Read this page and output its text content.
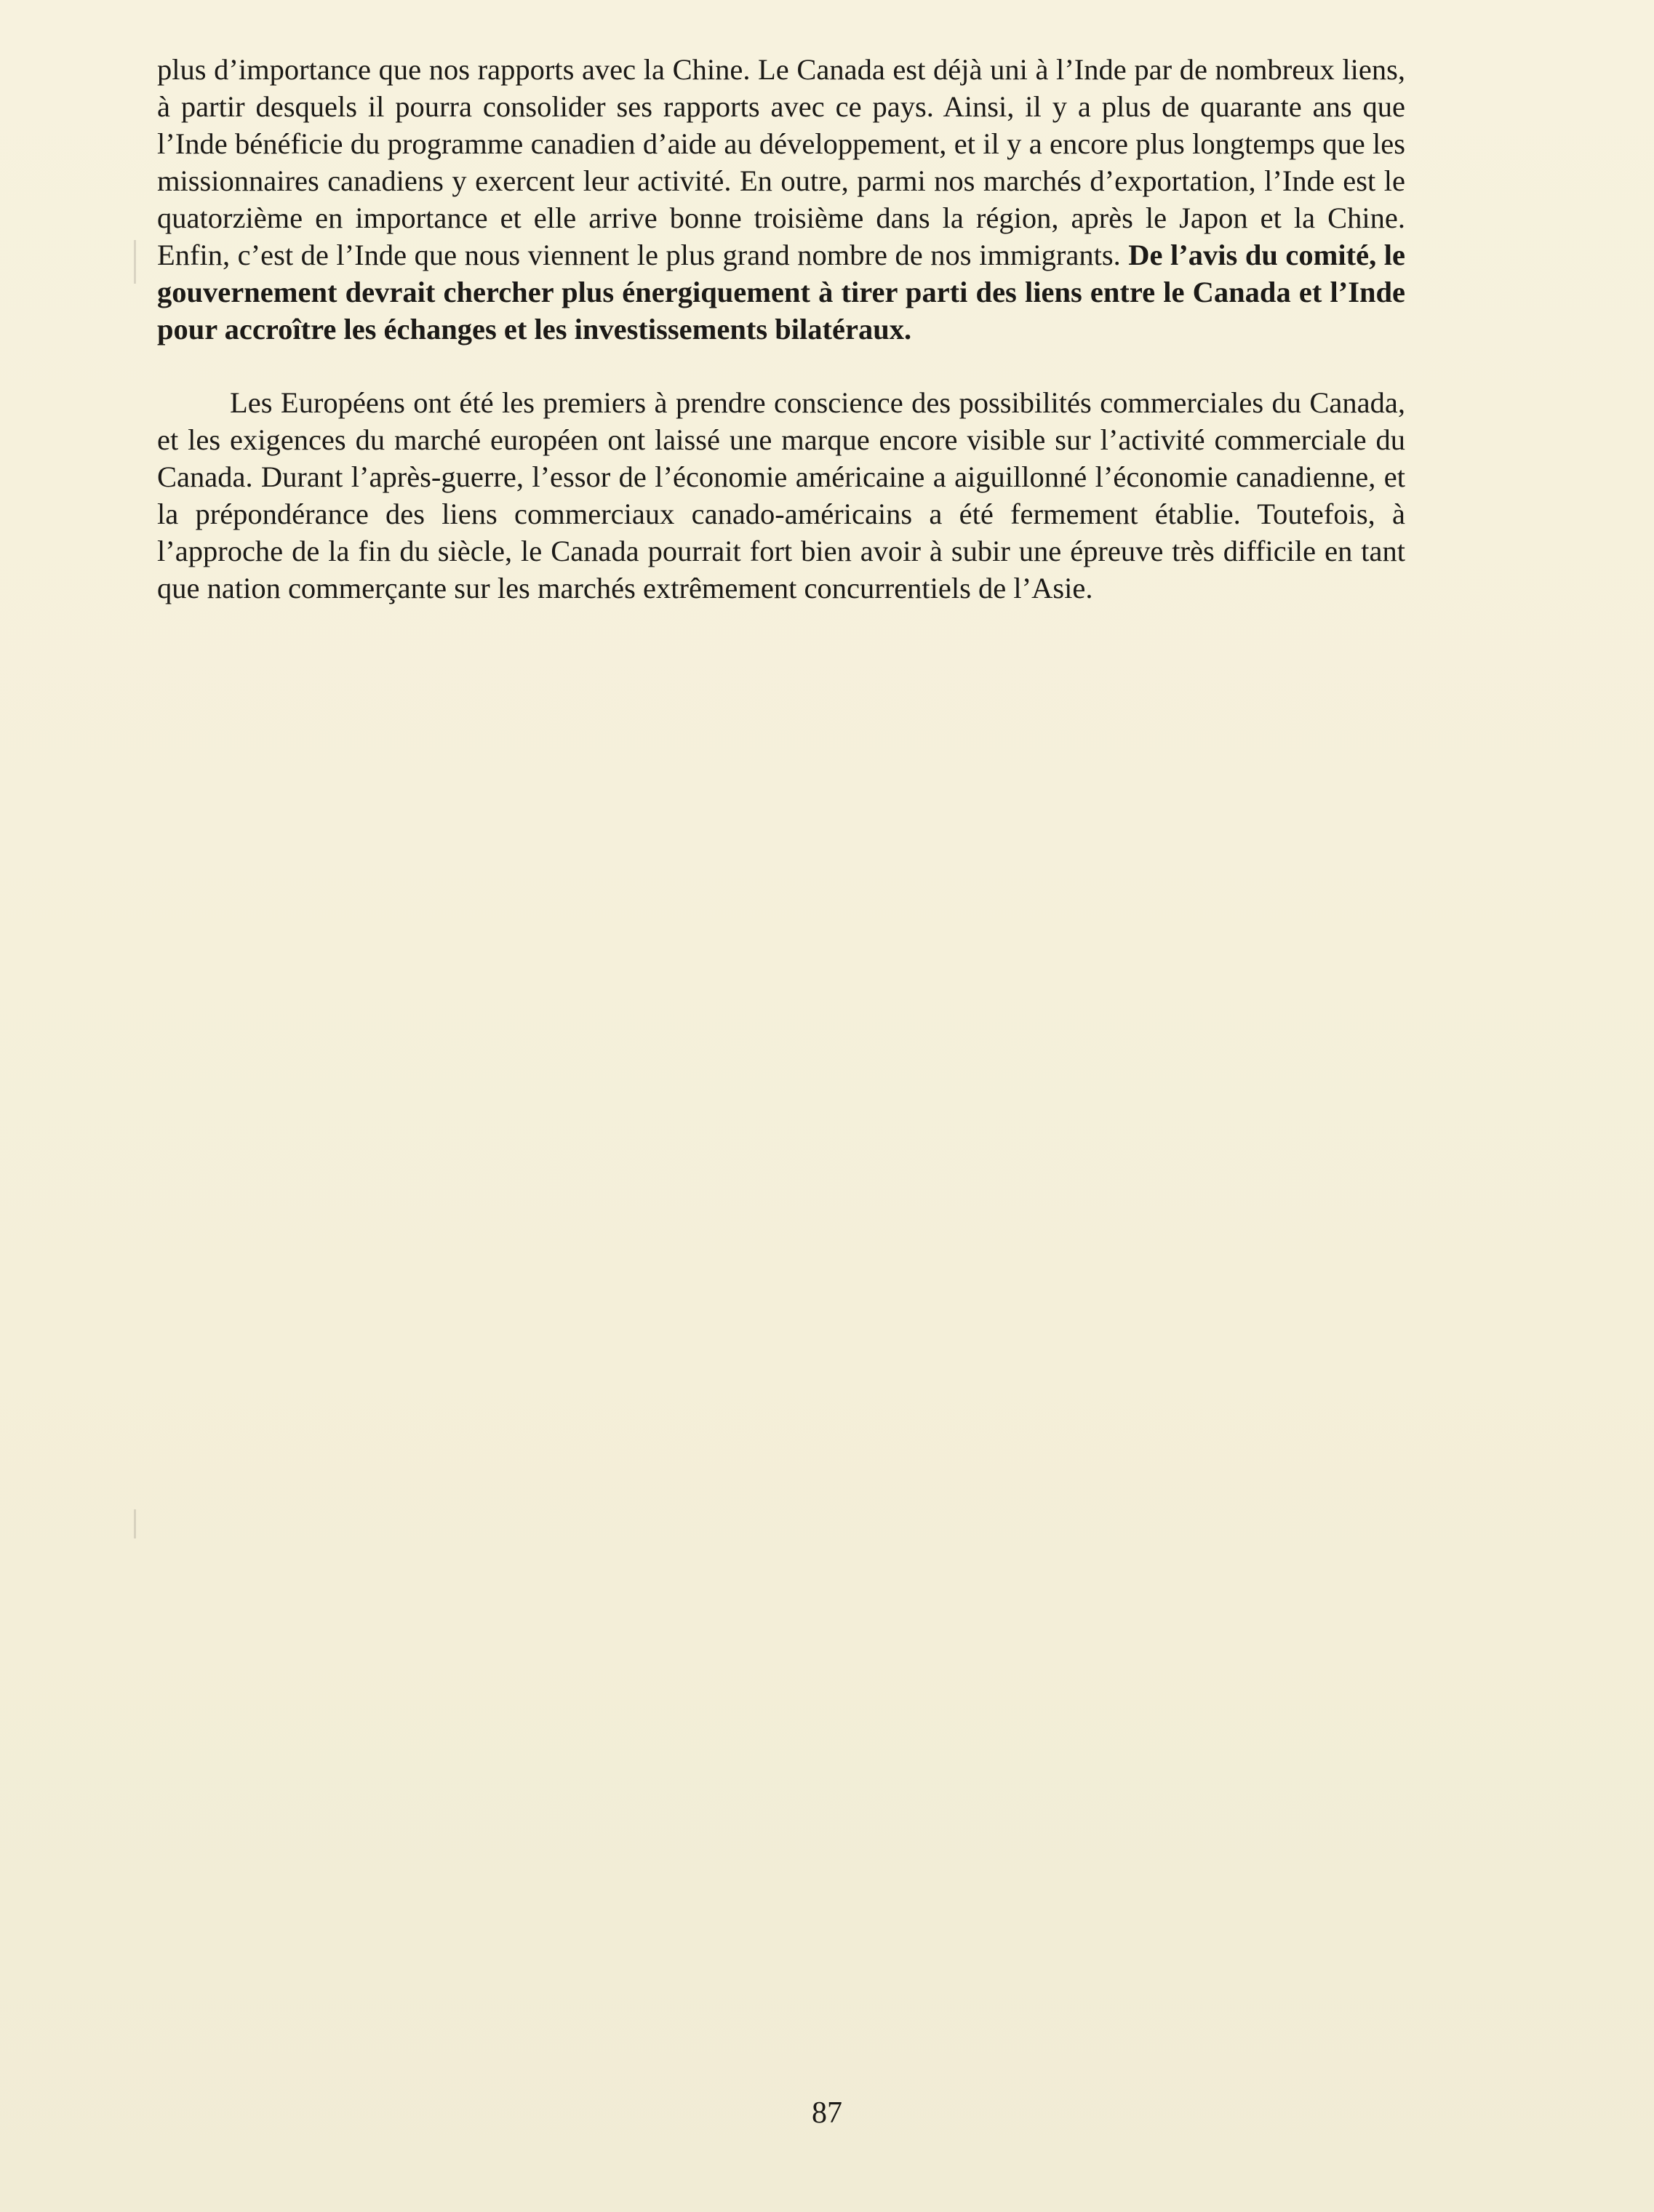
plus d’importance que nos rapports avec la Chine. Le Canada est déjà uni à l’Inde par de nombreux liens, à partir desquels il pourra consolider ses rapports avec ce pays. Ainsi, il y a plus de quarante ans que l’Inde bénéficie du programme canadien d’aide au développement, et il y a encore plus longtemps que les missionnaires canadiens y exercent leur activité. En outre, parmi nos marchés d’exportation, l’Inde est le quatorzième en importance et elle arrive bonne troisième dans la région, après le Japon et la Chine. Enfin, c’est de l’Inde que nous viennent le plus grand nombre de nos immigrants. De l’avis du comité, le gouvernement devrait chercher plus énergiquement à tirer parti des liens entre le Canada et l’Inde pour accroître les échanges et les investissements bilatéraux.

Les Européens ont été les premiers à prendre conscience des possibilités commerciales du Canada, et les exigences du marché européen ont laissé une marque encore visible sur l’activité commerciale du Canada. Durant l’après-guerre, l’essor de l’économie américaine a aiguillonné l’économie canadienne, et la prépondérance des liens commerciaux canado-américains a été fermement établie. Toutefois, à l’approche de la fin du siècle, le Canada pourrait fort bien avoir à subir une épreuve très difficile en tant que nation commerçante sur les marchés extrêmement concurrentiels de l’Asie.

87
